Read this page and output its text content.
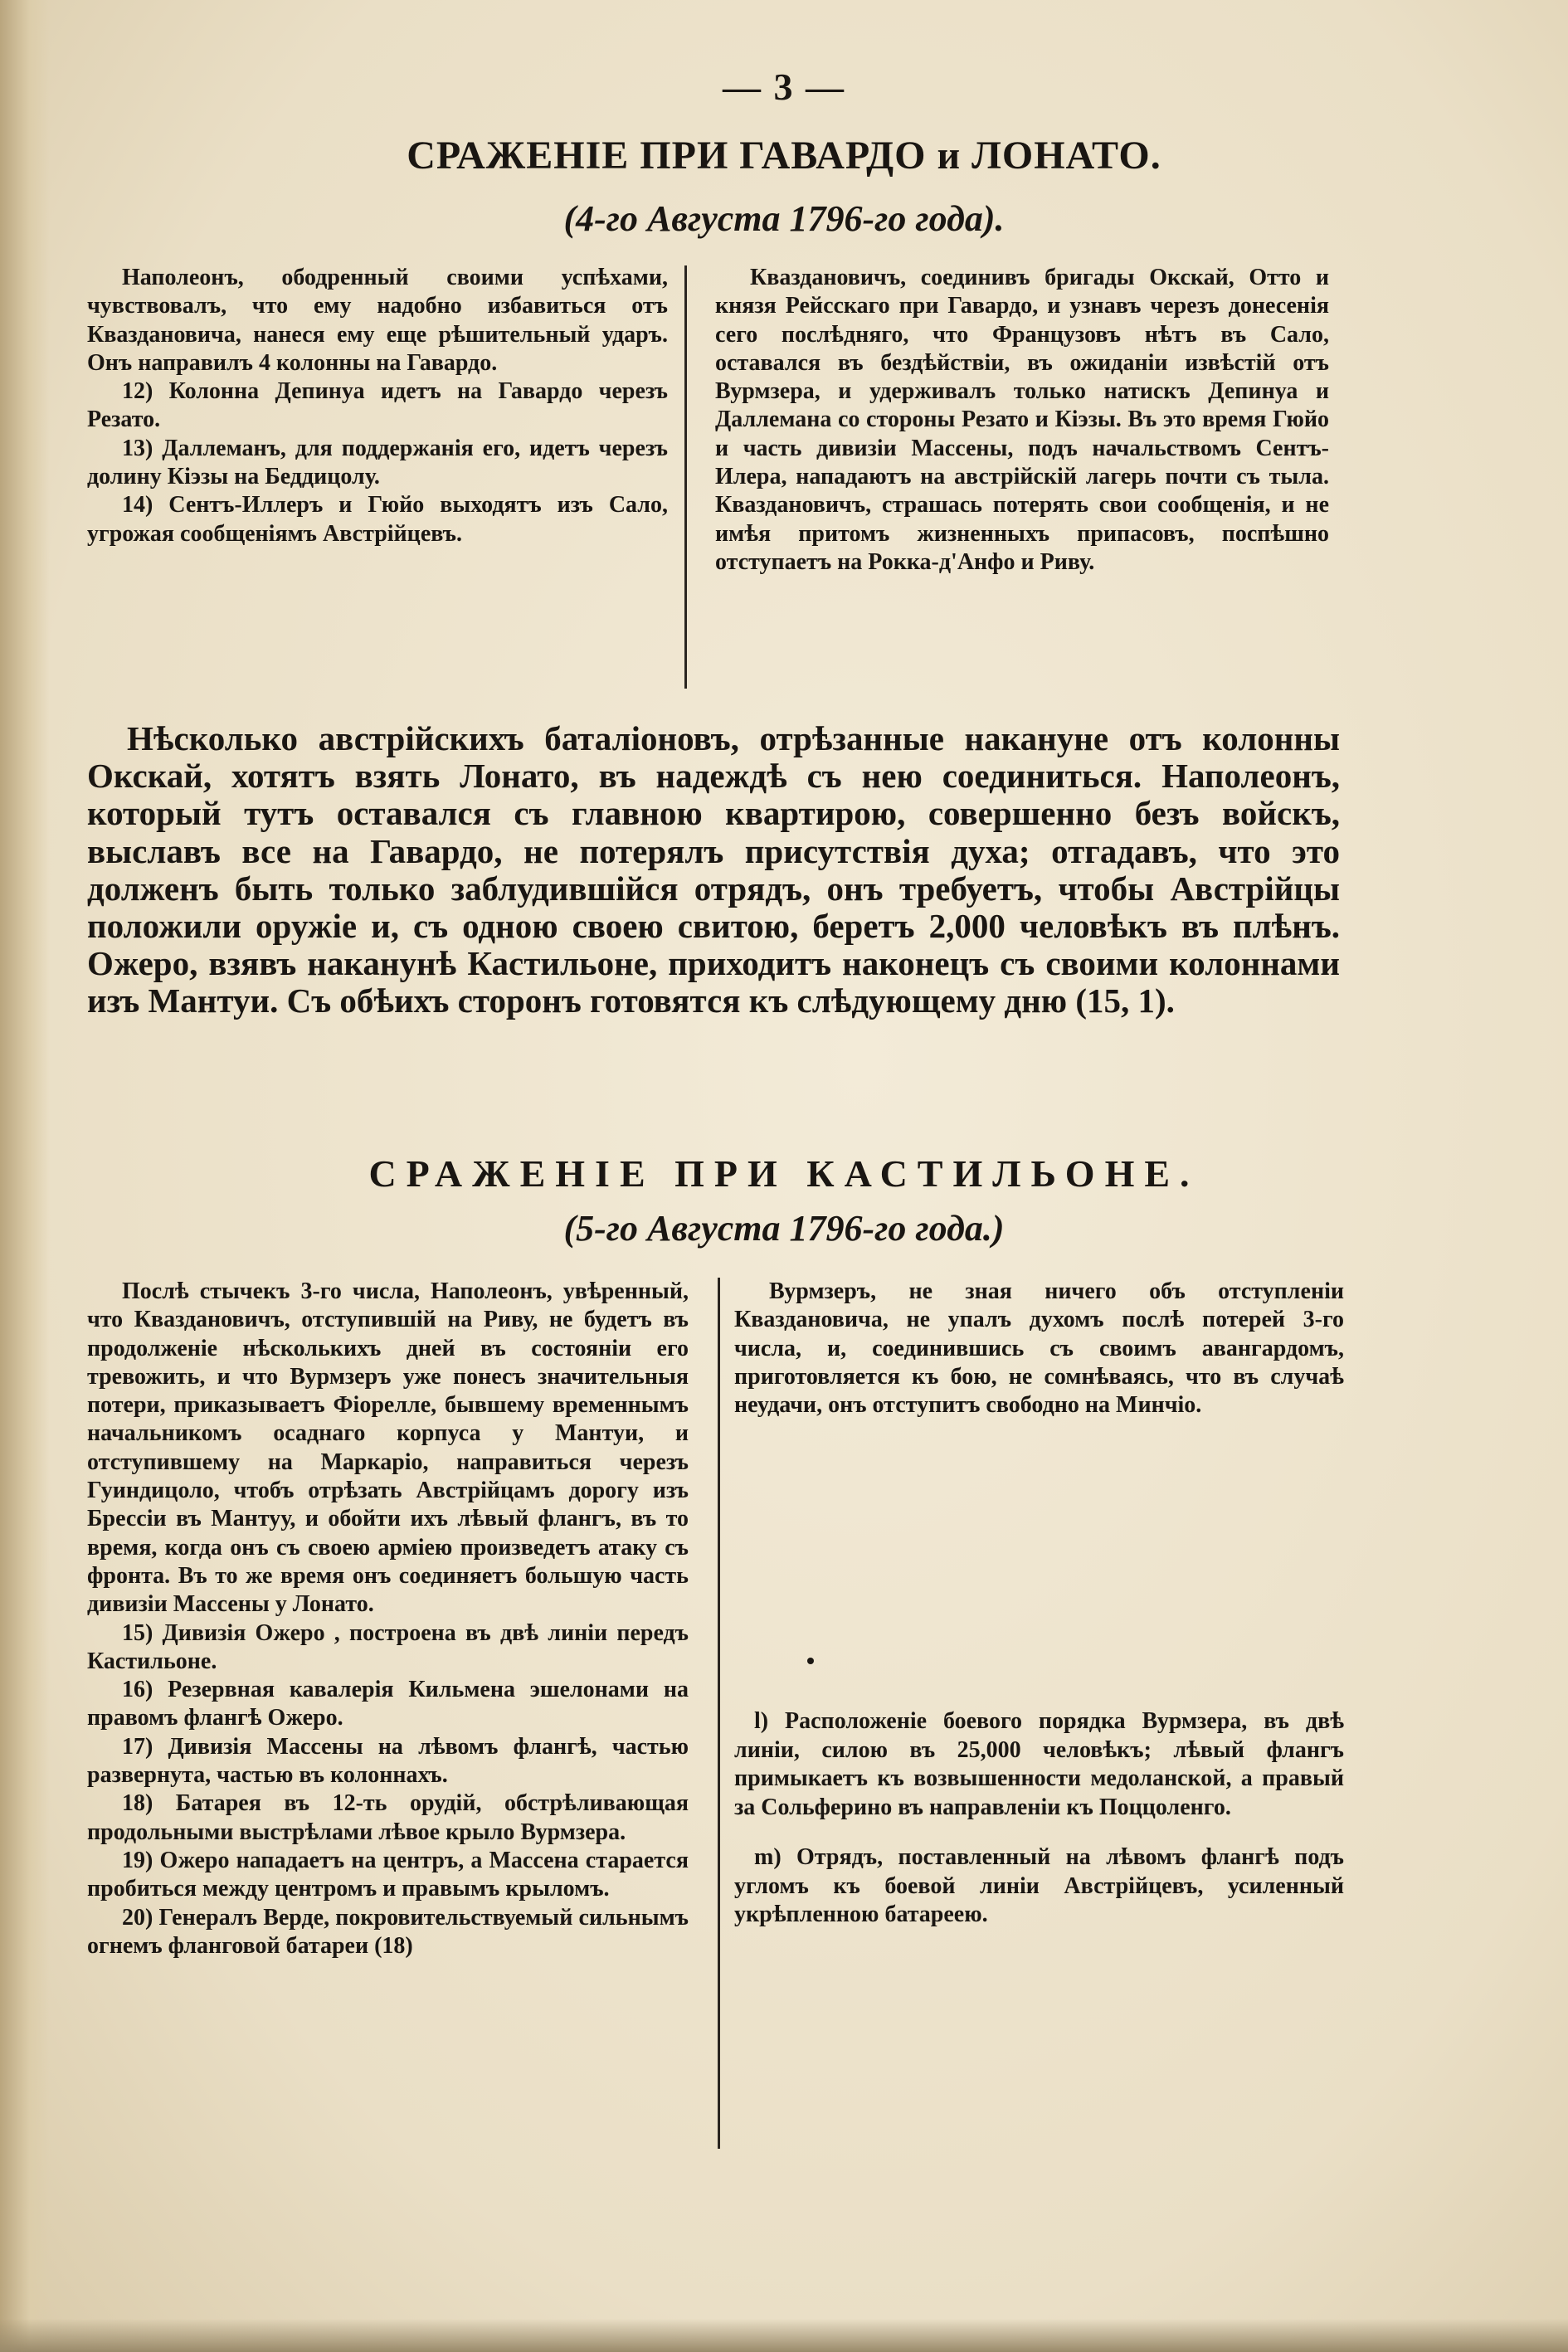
— 3 —
СРАЖЕНІЕ ПРИ ГАВАРДО и ЛОНАТО.
(4-го Августа 1796-го года).

Наполеонъ, ободренный своими успѣхами, чувствовалъ, что ему надобно избавиться отъ Кваздановича, нанеся ему еще рѣшительный ударъ. Онъ направилъ 4 колонны на Гавардо.

12) Колонна Депинуа идетъ на Гавардо черезъ Резато.

13) Даллеманъ, для поддержанія его, идетъ черезъ долину Кіэзы на Беддицолу.

14) Сентъ-Иллеръ и Гюйо выходятъ изъ Сало, угрожая сообщеніямъ Австрійцевъ.

Кваздановичъ, соединивъ бригады Окскай, Отто и князя Рейсскаго при Гавардо, и узнавъ черезъ донесенія сего послѣдняго, что Французовъ нѣтъ въ Сало, оставался въ бездѣйствіи, въ ожиданіи извѣстій отъ Вурмзера, и удерживалъ только натискъ Депинуа и Даллемана со стороны Резато и Кіэзы. Въ это время Гюйо и часть дивизіи Массены, подъ начальствомъ Сентъ-Илера, нападаютъ на австрійскій лагерь почти съ тыла. Кваздановичъ, страшась потерять свои сообщенія, и не имѣя притомъ жизненныхъ припасовъ, поспѣшно отступаетъ на Рокка-д'Анфо и Риву.

Нѣсколько австрійскихъ баталіоновъ, отрѣзанные накануне отъ колонны Окскай, хотятъ взять Лонато, въ надеждѣ съ нею соединиться. Наполеонъ, который тутъ оставался съ главною квартирою, совершенно безъ войскъ, выславъ все на Гавардо, не потерялъ присутствія духа; отгадавъ, что это долженъ быть только заблудившійся отрядъ, онъ требуетъ, чтобы Австрійцы положили оружіе и, съ одною своею свитою, беретъ 2,000 человѣкъ въ плѣнъ. Ожеро, взявъ наканунѣ Кастильоне, приходитъ наконецъ съ своими колоннами изъ Мантуи. Съ обѣихъ сторонъ готовятся къ слѣдующему дню (15, 1).
СРАЖЕНІЕ ПРИ КАСТИЛЬОНЕ.
(5-го Августа 1796-го года.)

Послѣ стычекъ 3-го числа, Наполеонъ, увѣренный, что Кваздановичъ, отступившій на Риву, не будетъ въ продолженіе нѣсколькихъ дней въ состояніи его тревожить, и что Вурмзеръ уже понесъ значительныя потери, приказываетъ Фіорелле, бывшему временнымъ начальникомъ осаднаго корпуса у Мантуи, и отступившему на Маркаріо, направиться черезъ Гуиндицоло, чтобъ отрѣзать Австрійцамъ дорогу изъ Брессіи въ Мантуу, и обойти ихъ лѣвый флангъ, въ то время, когда онъ съ своею арміею произведетъ атаку съ фронта. Въ то же время онъ соединяетъ большую часть дивизіи Массены у Лонато.

15) Дивизія Ожеро , построена въ двѣ линіи передъ Кастильоне.

16) Резервная кавалерія Кильмена эшелонами на правомъ флангѣ Ожеро.

17) Дивизія Массены на лѣвомъ флангѣ, частью развернута, частью въ колоннахъ.

18) Батарея въ 12-ть орудій, обстрѣливающая продольными выстрѣлами лѣвое крыло Вурмзера.

19) Ожеро нападаетъ на центръ, а Массена старается пробиться между центромъ и правымъ крыломъ.

20) Генералъ Верде, покровительствуемый сильнымъ огнемъ фланговой батареи (18)

Вурмзеръ, не зная ничего объ отступленіи Кваздановича, не упалъ духомъ послѣ потерей 3-го числа, и, соединившись съ своимъ авангардомъ, приготовляется къ бою, не сомнѣваясь, что въ случаѣ неудачи, онъ отступитъ свободно на Минчіо.

l) Расположеніе боевого порядка Вурмзера, въ двѣ линіи, силою въ 25,000 человѣкъ; лѣвый флангъ примыкаетъ къ возвышенности медоланской, а правый за Сольферино въ направленіи къ Поццоленго.

m) Отрядъ, поставленный на лѣвомъ флангѣ подъ угломъ къ боевой линіи Австрійцевъ, усиленный укрѣпленною батареею.
